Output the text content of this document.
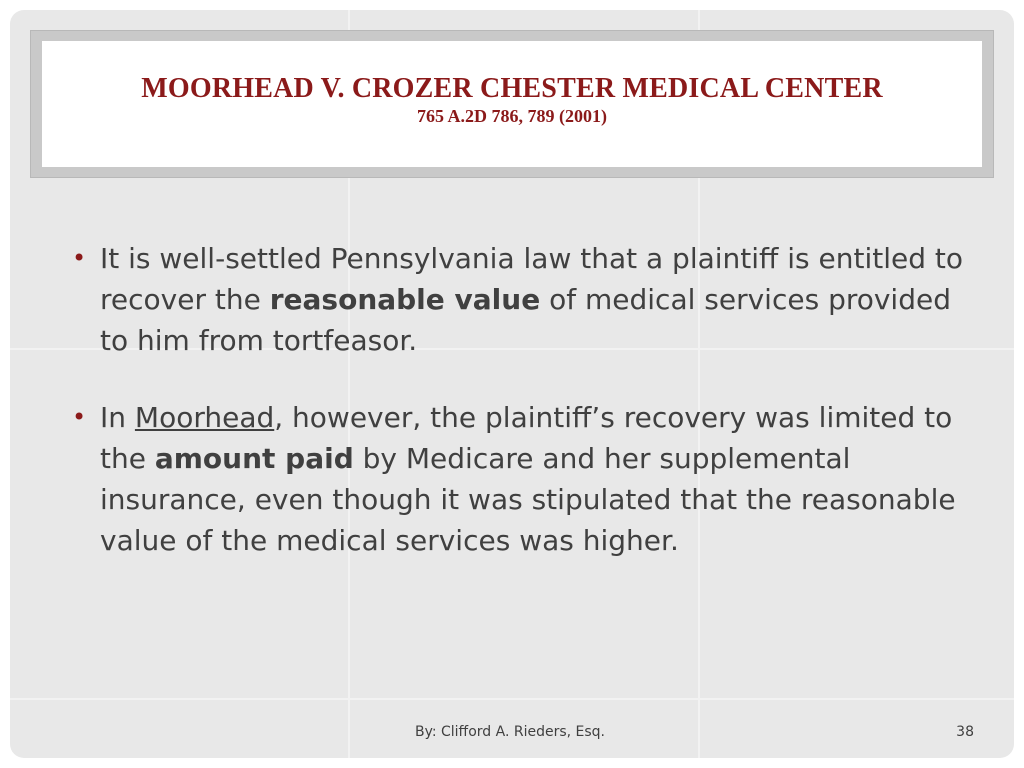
MOORHEAD V. CROZER CHESTER MEDICAL CENTER
765 A.2D 786, 789 (2001)
• It is well-settled Pennsylvania law that a plaintiff is entitled to recover the reasonable value of medical services provided to him from tortfeasor.
• In Moorhead, however, the plaintiff’s recovery was limited to the amount paid by Medicare and her supplemental insurance, even though it was stipulated that the reasonable value of the medical services was higher.
By: Clifford A. Rieders, Esq.	38
